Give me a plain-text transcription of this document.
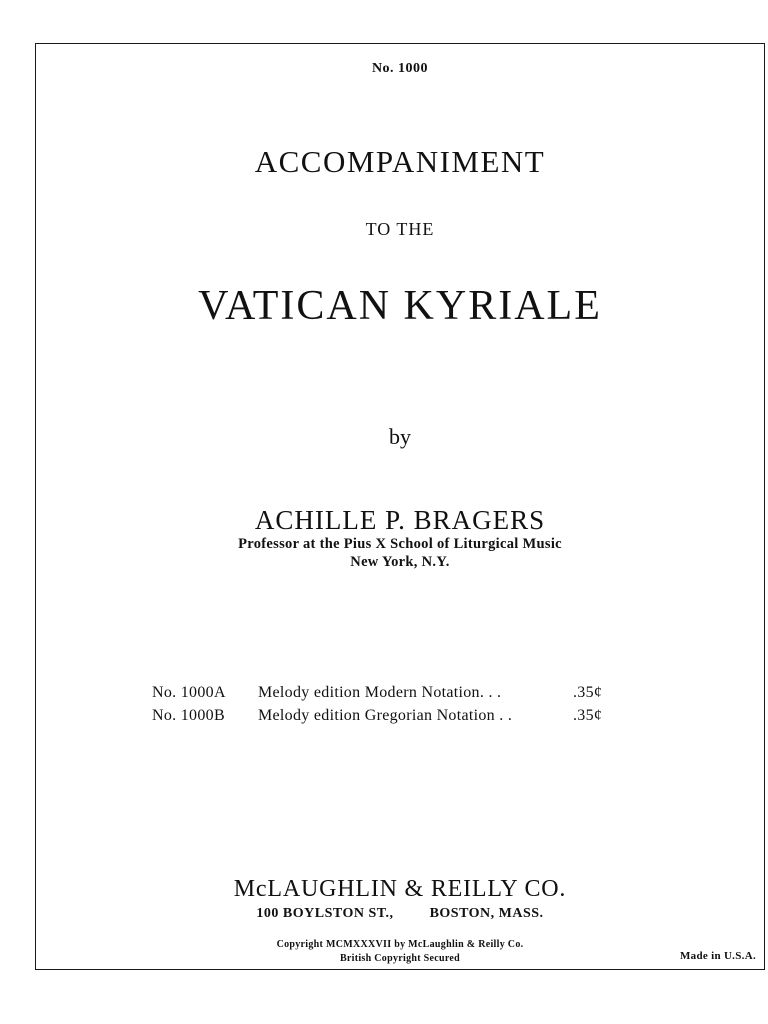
No. 1000
ACCOMPANIMENT
TO THE
VATICAN KYRIALE
by
ACHILLE P. BRAGERS
Professor at the Pius X School of Liturgical Music
New York, N.Y.
No. 1000A	Melody edition Modern Notation. . .	.35¢
No. 1000B	Melody edition Gregorian Notation . .	.35¢
McLAUGHLIN & REILLY CO.
100 BOYLSTON ST.,	BOSTON, MASS.
Copyright MCMXXXVII by McLaughlin & Reilly Co.
British Copyright Secured	Made in U.S.A.
